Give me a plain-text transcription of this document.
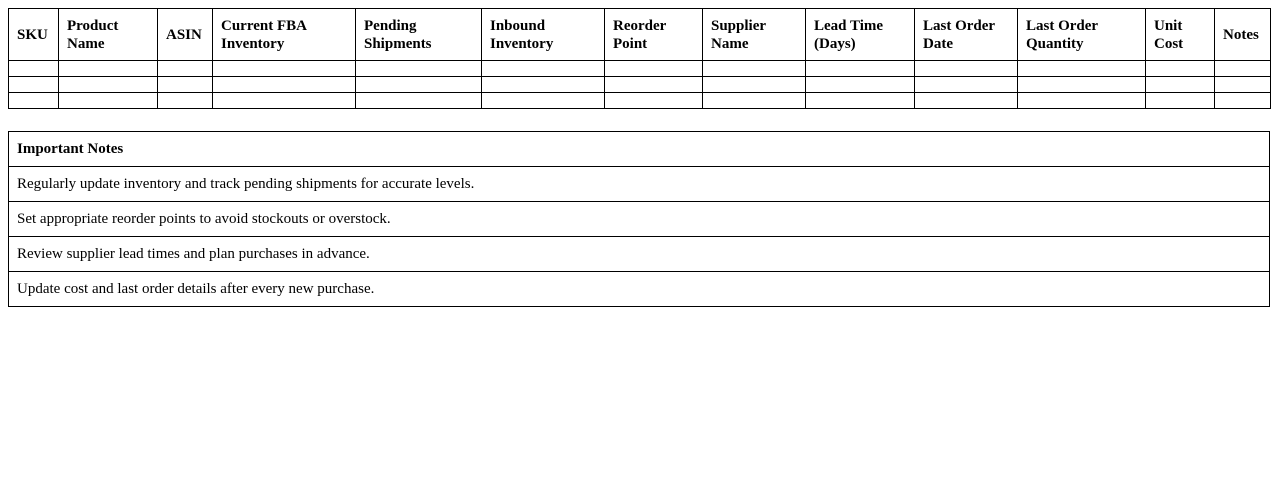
SKU	Product Name	ASIN	Current FBA Inventory	Pending Shipments	Inbound Inventory	Reorder Point	Supplier Name	Lead Time (Days)	Last Order Date	Last Order Quantity	Unit Cost	Notes

Important Notes
Regularly update inventory and track pending shipments for accurate levels.
Set appropriate reorder points to avoid stockouts or overstock.
Review supplier lead times and plan purchases in advance.
Update cost and last order details after every new purchase.
